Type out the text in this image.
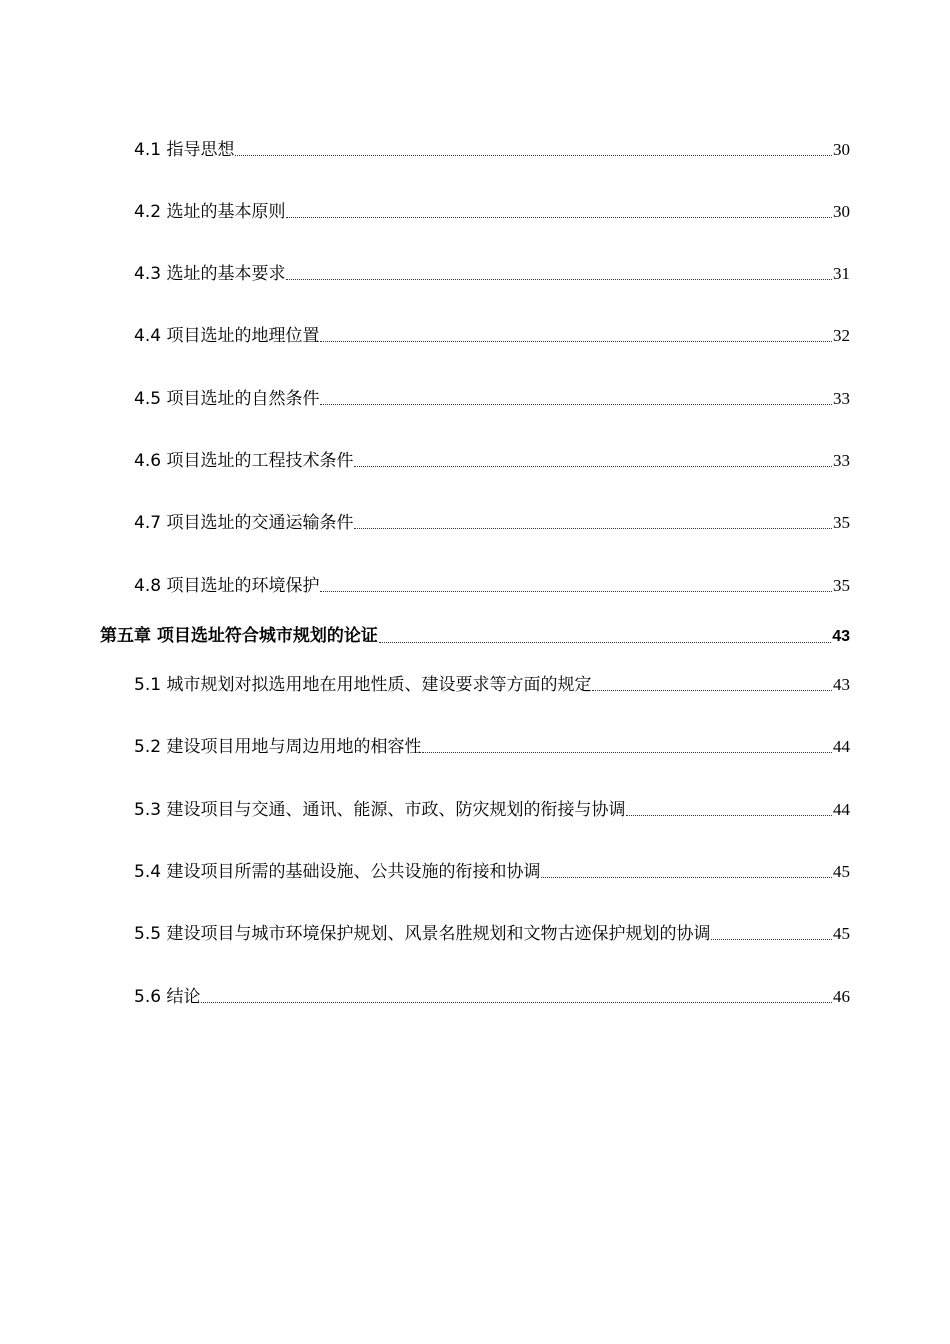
4.1 指导思想	30
4.2 选址的基本原则	30
4.3 选址的基本要求	31
4.4 项目选址的地理位置	32
4.5 项目选址的自然条件	33
4.6 项目选址的工程技术条件	33
4.7 项目选址的交通运输条件	35
4.8 项目选址的环境保护	35
第五章 项目选址符合城市规划的论证	43
5.1 城市规划对拟选用地在用地性质、建设要求等方面的规定	43
5.2 建设项目用地与周边用地的相容性	44
5.3 建设项目与交通、通讯、能源、市政、防灾规划的衔接与协调	44
5.4 建设项目所需的基础设施、公共设施的衔接和协调	45
5.5 建设项目与城市环境保护规划、风景名胜规划和文物古迹保护规划的协调	45
5.6 结论	46
